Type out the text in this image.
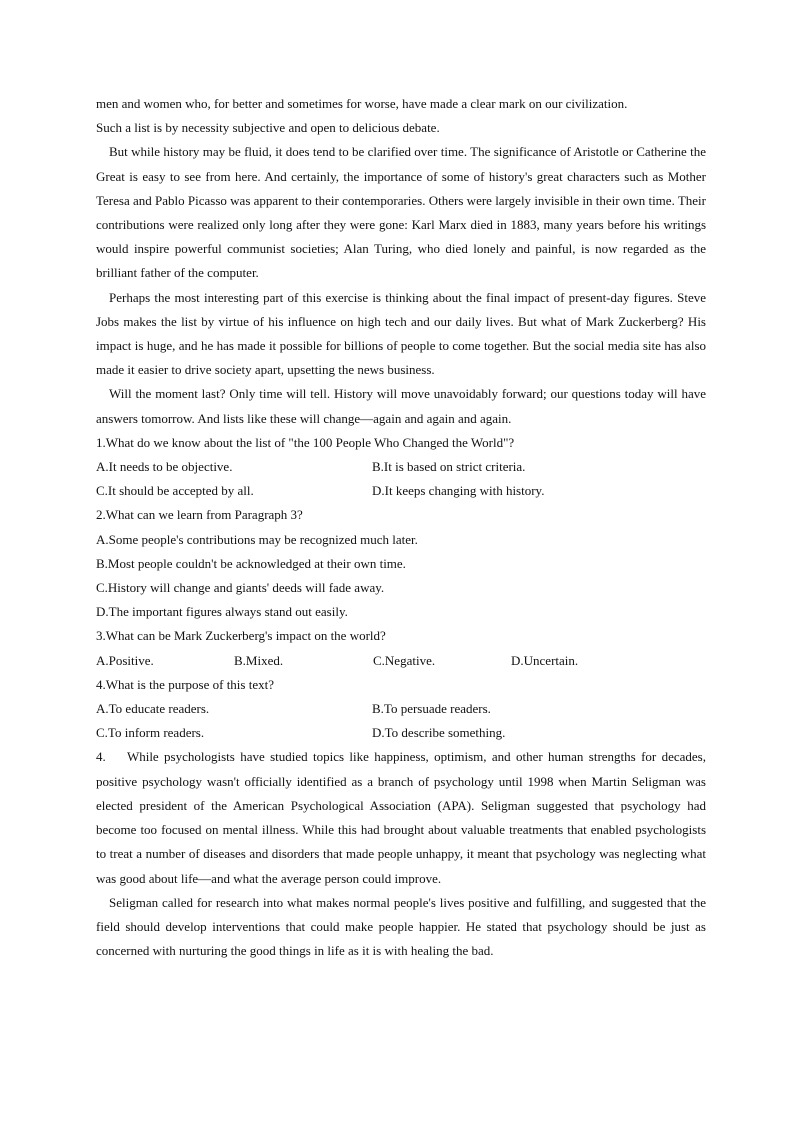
men and women who, for better and sometimes for worse, have made a clear mark on our civilization.
Such a list is by necessity subjective and open to delicious debate.

But while history may be fluid, it does tend to be clarified over time. The significance of Aristotle or Catherine the Great is easy to see from here. And certainly, the importance of some of history's great characters such as Mother Teresa and Pablo Picasso was apparent to their contemporaries. Others were largely invisible in their own time. Their contributions were realized only long after they were gone: Karl Marx died in 1883, many years before his writings would inspire powerful communist societies; Alan Turing, who died lonely and painful, is now regarded as the brilliant father of the computer.

Perhaps the most interesting part of this exercise is thinking about the final impact of present-day figures. Steve Jobs makes the list by virtue of his influence on high tech and our daily lives. But what of Mark Zuckerberg? His impact is huge, and he has made it possible for billions of people to come together. But the social media site has also made it easier to drive society apart, upsetting the news business.

Will the moment last? Only time will tell. History will move unavoidably forward; our questions today will have answers tomorrow. And lists like these will change—again and again and again.

1.What do we know about the list of "the 100 People Who Changed the World"?

A.It needs to be objective.	B.It is based on strict criteria.
C.It should be accepted by all.	D.It keeps changing with history.

2.What can we learn from Paragraph 3?

A.Some people's contributions may be recognized much later.
B.Most people couldn't be acknowledged at their own time.
C.History will change and giants' deeds will fade away.
D.The important figures always stand out easily.

3.What can be Mark Zuckerberg's impact on the world?

A.Positive.	B.Mixed.	C.Negative.	D.Uncertain.

4.What is the purpose of this text?

A.To educate readers.	B.To persuade readers.
C.To inform readers.	D.To describe something.

4.    While psychologists have studied topics like happiness, optimism, and other human strengths for decades, positive psychology wasn't officially identified as a branch of psychology until 1998 when Martin Seligman was elected president of the American Psychological Association (APA). Seligman suggested that psychology had become too focused on mental illness. While this had brought about valuable treatments that enabled psychologists to treat a number of diseases and disorders that made people unhappy, it meant that psychology was neglecting what was good about life—and what the average person could improve.

Seligman called for research into what makes normal people's lives positive and fulfilling, and suggested that the field should develop interventions that could make people happier. He stated that psychology should be just as concerned with nurturing the good things in life as it is with healing the bad.
